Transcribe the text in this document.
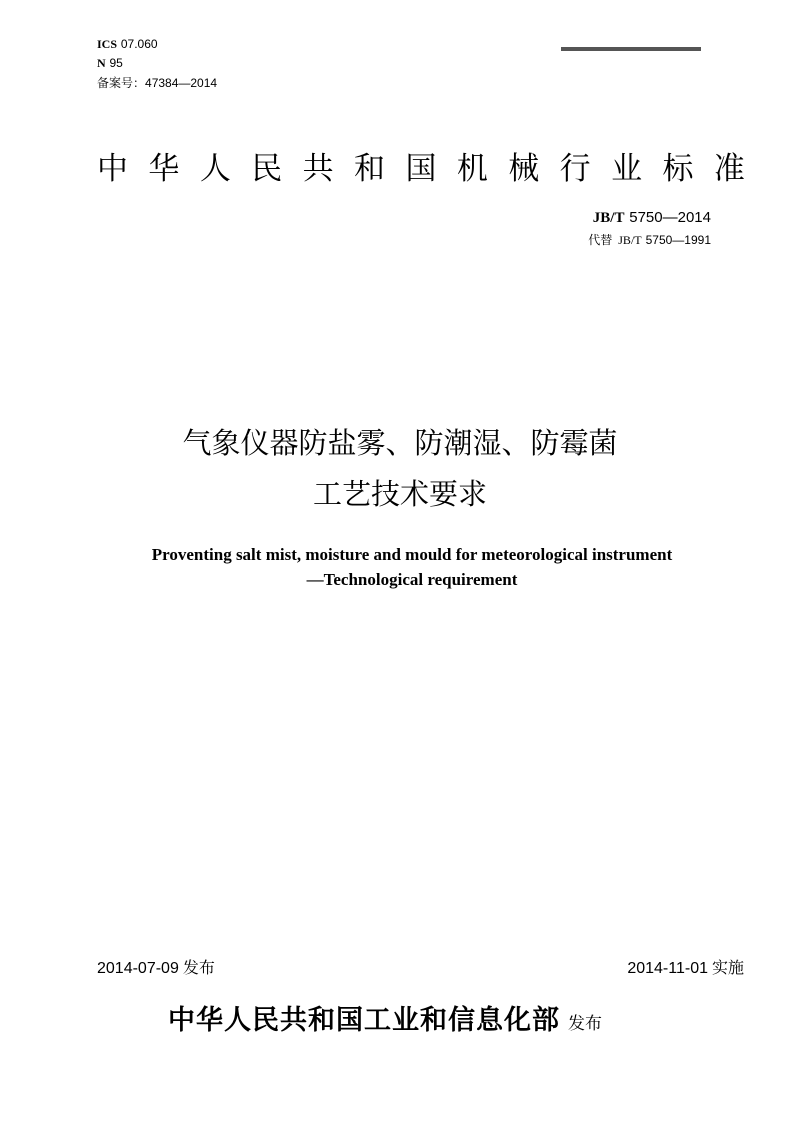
ICS 07.060
N 95
备案号：47384—2014
中 华 人 民 共 和 国 机 械 行 业 标 准
JB/T 5750—2014
代替 JB/T 5750—1991
气象仪器防盐雾、防潮湿、防霉菌
工艺技术要求
Proventing salt mist, moisture and mould for meteorological instrument
—Technological requirement
2014-07-09 发布	2014-11-01 实施
中华人民共和国工业和信息化部 发布
